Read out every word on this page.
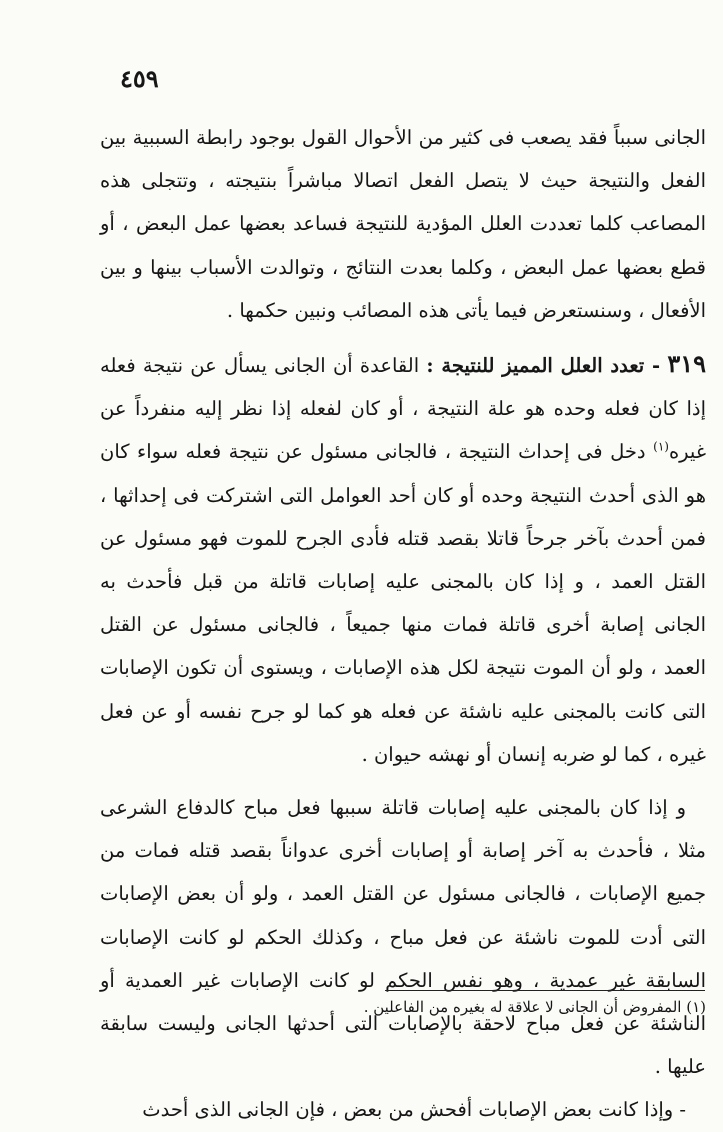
٤٥٩

الجانى سبباً فقد يصعب فى كثير من الأحوال القول بوجود رابطة السببية بين الفعل والنتيجة حيث لا يتصل الفعل اتصالا مباشراً بنتيجته ، وتتجلى هذه المصاعب كلما تعددت العلل المؤدية للنتيجة فساعد بعضها عمل البعض ، أو قطع بعضها عمل البعض ، وكلما بعدت النتائج ، وتوالدت الأسباب بينها و بين الأفعال ، وسنستعرض فيما يأتى هذه المصائب ونبين حكمها .

٣١٩ - تعدد العلل المميز للنتيجة : القاعدة أن الجانى يسأل عن نتيجة فعله إذا كان فعله وحده هو علة النتيجة ، أو كان لفعله إذا نظر إليه منفرداً عن غيره$^{(١)}$ دخل فى إحداث النتيجة ، فالجانى مسئول عن نتيجة فعله سواء كان هو الذى أحدث النتيجة وحده أو كان أحد العوامل التى اشتركت فى إحداثها ، فمن أحدث بآخر جرحاً قاتلا بقصد قتله فأدى الجرح للموت فهو مسئول عن القتل العمد ، و إذا كان بالمجنى عليه إصابات قاتلة من قبل فأحدث به الجانى إصابة أخرى قاتلة فمات منها جميعاً ، فالجانى مسئول عن القتل العمد ، ولو أن الموت نتيجة لكل هذه الإصابات ، ويستوى أن تكون الإصابات التى كانت بالمجنى عليه ناشئة عن فعله هو كما لو جرح نفسه أو عن فعل غيره ، كما لو ضربه إنسان أو نهشه حيوان .

و إذا كان بالمجنى عليه إصابات قاتلة سببها فعل مباح كالدفاع الشرعى مثلا ، فأحدث به آخر إصابة أو إصابات أخرى عدواناً بقصد قتله فمات من جميع الإصابات ، فالجانى مسئول عن القتل العمد ، ولو أن بعض الإصابات التى أدت للموت ناشئة عن فعل مباح ، وكذلك الحكم لو كانت الإصابات السابقة غير عمدية ، وهو نفس الحكم لو كانت الإصابات غير العمدية أو الناشئة عن فعل مباح لاحقة بالإصابات التى أحدثها الجانى وليست سابقة عليها .

- وإذا كانت بعض الإصابات أفحش من بعض ، فإن الجانى الذى أحدث

(١) المفروض أن الجانى لا علاقة له بغيره من الفاعلين .
